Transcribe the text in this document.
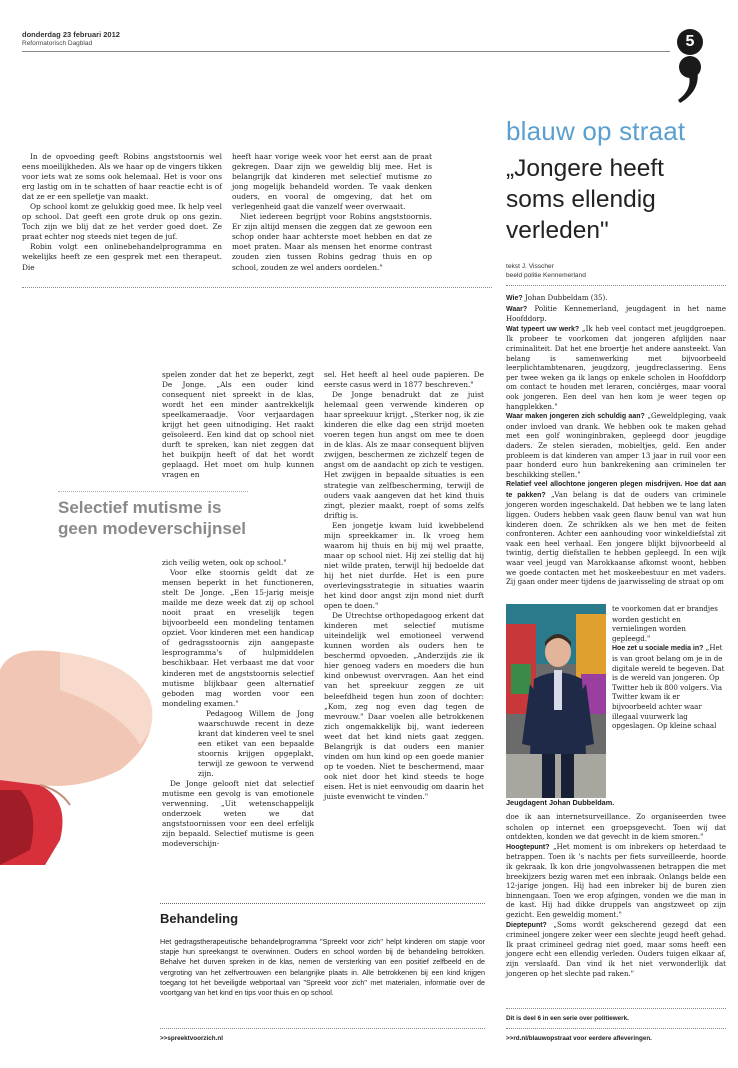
donderdag 23 februari 2012
Reformatorisch Dagblad	5
blauw op straat
„Jongere heeft soms ellendig verleden"
tekst J. Visscher
beeld politie Kennemerland

In de opvoeding geeft Robins angststoornis wel eens moeilijkheden. Als we haar op de vingers tikken voor iets wat ze soms ook helemaal. Het is voor ons erg lastig om in te schatten of haar reactie echt is of dat ze er een spelletje van maakt.

Op school komt ze gelukkig goed mee. Ik help veel op school. Dat geeft een grote druk op ons gezin. Toch zijn we blij dat ze het verder goed doet. Ze praat echter nog steeds niet tegen de juf.

Robin volgt een onlinebehandelprogramma en wekelijks heeft ze een gesprek met een therapeut. Die

heeft haar vorige week voor het eerst aan de praat gekregen. Daar zijn we geweldig blij mee. Het is belangrijk dat kinderen met selectief mutisme zo jong mogelijk behandeld worden. Te vaak denken ouders, en vooral de omgeving, dat het om verlegenheid gaat die vanzelf weer overwaait.

Niet iedereen begrijpt voor Robins angststoornis. Er zijn altijd mensen die zeggen dat ze gewoon een schop onder haar achterste moet hebben en dat ze moet praten. Maar als mensen het enorme contrast zouden zien tussen Robins gedrag thuis en op school, zouden ze wel anders oordelen."

Selectief mutisme is geen modeverschijnsel

spelen zonder dat het ze beperkt, zegt De Jonge. „Als een ouder kind consequent niet spreekt in de klas, wordt het een minder aantrekkelijk speelkameraadje. Voor verjaardagen krijgt het geen uitnodiging. Het raakt geïsoleerd. Een kind dat op school niet durft te spreken, kan niet zeggen dat het buikpijn heeft of dat het wordt geplaagd. Het moet om hulp kunnen vragen en

zich veilig weten, ook op school."

Voor elke stoornis geldt dat ze mensen beperkt in het functioneren, stelt De Jonge. „Een 15-jarig meisje mailde me deze week dat zij op school nooit praat en vreselijk tegen bijvoorbeeld een mondeling tentamen opziet. Voor kinderen met een handicap of gedragsstoornis zijn aangepaste lesprogramma's of hulpmiddelen beschikbaar. Het verbaast me dat voor kinderen met de angststoornis selectief mutisme blijkbaar geen alternatief geboden mag worden voor een mondeling examen."

Pedagoog Willem de Jong waarschuwde recent in deze krant dat kinderen veel te snel een etiket van een bepaalde stoornis krijgen opgeplakt, terwijl ze gewoon te verwend zijn.

De Jonge gelooft niet dat selectief mutisme een gevolg is van emotionele verwenning. „Uit wetenschappelijk onderzoek weten we dat angststoornissen voor een deel erfelijk zijn bepaald. Selectief mutisme is geen modeverschijn-

sel. Het heeft al heel oude papieren. De eerste casus werd in 1877 beschreven."

De Jonge benadrukt dat ze juist helemaal geen verwende kinderen op haar spreekuur krijgt. „Sterker nog, ik zie kinderen die elke dag een strijd moeten voeren tegen hun angst om mee te doen in de klas. Als ze maar consequent blijven zwijgen, beschermen ze zichzelf tegen de angst om de aandacht op zich te vestigen. Het zwijgen in bepaalde situaties is een strategie van zelfbescherming, terwijl de ouders vaak aangeven dat het kind thuis zingt, plezier maakt, roept of soms zelfs driftig is.

Een jongetje kwam luid kwebbelend mijn spreekkamer in. Ik vroeg hem waarom hij thuis en bij mij wel praatte, maar op school niet. Hij zei stellig dat hij niet wilde praten, terwijl hij bedoelde dat hij het niet durfde. Het is een pure overlevingsstrategie in situaties waarin het kind door angst zijn mond niet durft open te doen."

De Utrechtse orthopedagoog erkent dat kinderen met selectief mutisme uiteindelijk wel emotioneel verwend kunnen worden als ouders hen te beschermd opvoeden. „Anderzijds zie ik hier genoeg vaders en moeders die hun kind onbewust overvragen. Aan het eind van het spreekuur zeggen ze uit beleefdheid tegen hun zoon of dochter: „Kom, zeg nog even dag tegen de mevrouw." Daar voelen alle betrokkenen zich ongemakkelijk bij, want iedereen weet dat het kind niets gaat zeggen. Belangrijk is dat ouders een manier vinden om hun kind op een goede manier op te voeden. Niet te beschermend, maar ook niet door het kind steeds te hoge eisen. Het is niet eenvoudig om daarin het juiste evenwicht te vinden."

Behandeling
Het gedragstherapeutische behandelprogramma "Spreekt voor zich" helpt kinderen om stapje voor stapje hun spreekangst te overwinnen. Ouders en school worden bij de behandeling betrokken. Behalve het durven spreken in de klas, nemen de versterking van een positief zelfbeeld en de vergroting van het zelfvertrouwen een belangrijke plaats in. Alle betrokkenen bij een kind krijgen toegang tot het beveiligde webportaal van "Spreekt voor zich" met materialen, informatie over de voortgang van het kind en tips voor thuis en op school.
>>spreektvoorzich.nl
Wie? Johan Dubbeldam (35).
Waar? Politie Kennemerland, jeugdagent in het name Hoofddorp.
Wat typeert uw werk? „Ik heb veel contact met jeugdgroepen. Ik probeer te voorkomen dat jongeren afglijden naar criminaliteit. Dat het ene broertje het andere aansteekt. Van belang is samenwerking met bijvoorbeeld leerplichtambtenaren, jeugdzorg, jeugdreclassering. Eens per twee weken ga ik langs op enkele scholen in Hoofddorp om contact te houden met leraren, conciërges, maar vooral ook jongeren. Een deel van hen kom je weer tegen op hangplekken."
Waar maken jongeren zich schuldig aan? „Geweldpleging, vaak onder invloed van drank. We hebben ook te maken gehad met een golf woninginbraken, gepleegd door jeugdige daders. Ze stelen sieraden, mobieltjes, geld. Een ander probleem is dat kinderen van amper 13 jaar in ruil voor een paar honderd euro hun bankrekening aan criminelen ter beschikking stellen."
Relatief veel allochtone jongeren plegen misdrijven. Hoe dat aan te pakken? „Van belang is dat de ouders van criminele jongeren worden ingeschakeld. Dat hebben we te lang laten liggen. Ouders hebben vaak geen flauw benul van wat hun kinderen doen. Ze schrikken als we hen met de feiten confronteren. Achter een aanhouding voor winkeldiefstal zit vaak een heel verhaal. Een jongere blijkt bijvoorbeeld al twintig, dertig diefstallen te hebben gepleegd. In een wijk waar veel jeugd van Marokkaanse afkomst woont, hebben we goede contacten met het moskeebestuur en met vaders. Zij gaan onder meer tijdens de jaarwisseling de straat op om
te voorkomen dat er brandjes worden gesticht en vernielingen worden gepleegd."
Hoe zet u sociale media in? „Het is van groot belang om je in de digitale wereld te begeven. Dat is de wereld van jongeren. Op Twitter heb ik 800 volgers. Via Twitter kwam ik er bijvoorbeeld achter waar illegaal vuurwerk lag opgeslagen. Op kleine schaal
Jeugdagent Johan Dubbeldam.
doe ik aan internetsurveillance. Zo organiseerden twee scholen op internet een groepsgevecht. Toen wij dat ontdekten, konden we dat gevecht in de kiem smoren."
Hoogtepunt? „Het moment is om inbrekers op heterdaad te betrappen. Toen ik 's nachts per fiets surveilleerde, hoorde ik gekraak. Ik kon drie jongvolwassenen betrappen die met breekijzers bezig waren met een inbraak. Onlangs belde een 12-jarige jongen. Hij had een inbreker bij de buren zien binnengaan. Toen we erop afgingen, vonden we die man in de kast. Hij had dikke druppels van angstzweet op zijn gezicht. Een geweldig moment."
Dieptepunt? „Soms wordt gekscherend gezegd dat een crimineel jongere zeker weer een slechte jeugd heeft gehad. Ik praat crimineel gedrag niet goed, maar soms heeft een jongere echt een ellendig verleden. Ouders tuigen elkaar af, zijn verslaafd. Dan vind ik het niet verwonderlijk dat jongeren op het slechte pad raken."
Dit is deel 6 in een serie over politiewerk.
>>rd.nl/blauwopstraat voor eerdere afleveringen.
